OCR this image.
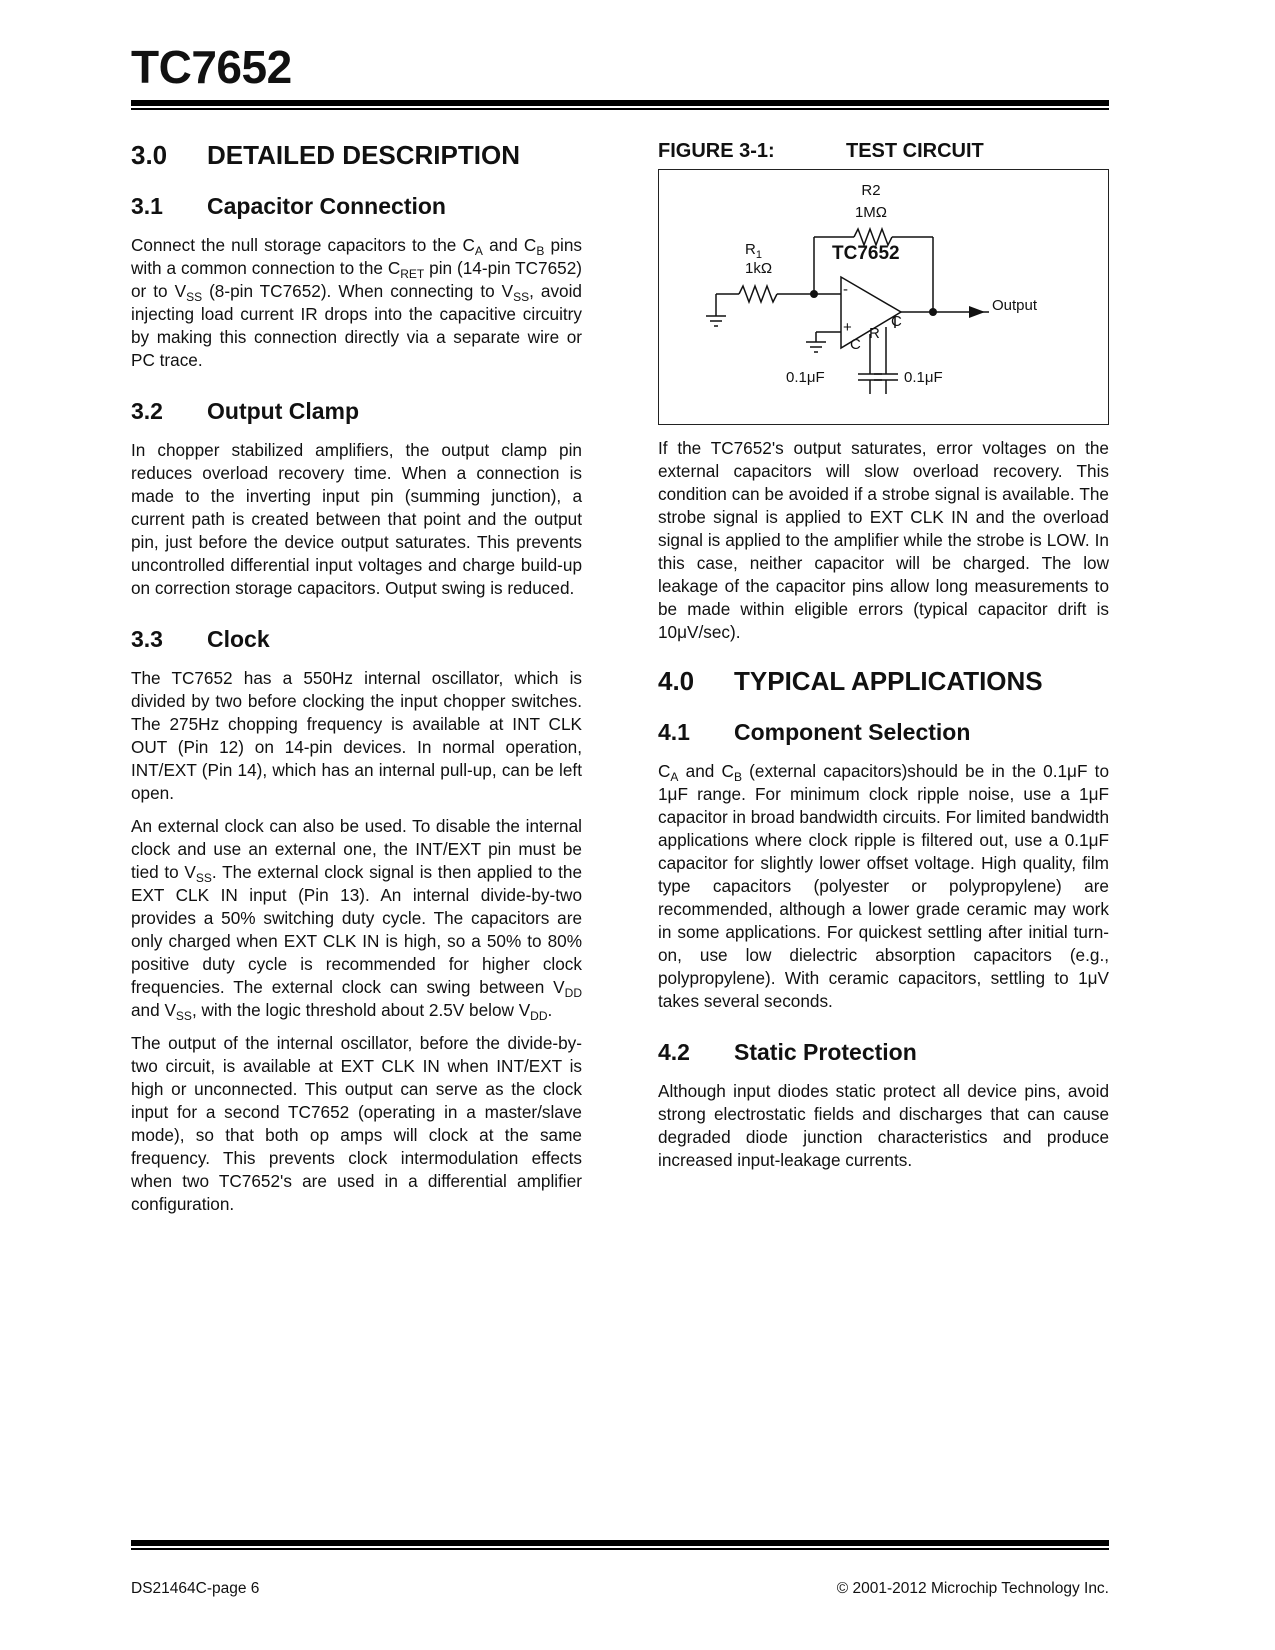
TC7652
3.0	DETAILED DESCRIPTION
3.1	Capacitor Connection

Connect the null storage capacitors to the $C_A$ and $C_B$ pins with a common connection to the $C_{RET}$ pin (14-pin TC7652) or to $V_{SS}$ (8-pin TC7652). When connecting to $V_{SS}$, avoid injecting load current IR drops into the capacitive circuitry by making this connection directly via a separate wire or PC trace.

3.2	Output Clamp

In chopper stabilized amplifiers, the output clamp pin reduces overload recovery time. When a connection is made to the inverting input pin (summing junction), a current path is created between that point and the output pin, just before the device output saturates. This prevents uncontrolled differential input voltages and charge build-up on correction storage capacitors. Output swing is reduced.

3.3	Clock

The TC7652 has a 550Hz internal oscillator, which is divided by two before clocking the input chopper switches. The 275Hz chopping frequency is available at INT CLK OUT (Pin 12) on 14-pin devices. In normal operation, INT/EXT (Pin 14), which has an internal pull-up, can be left open.

An external clock can also be used. To disable the internal clock and use an external one, the INT/EXT pin must be tied to $V_{SS}$. The external clock signal is then applied to the EXT CLK IN input (Pin 13). An internal divide-by-two provides a 50% switching duty cycle. The capacitors are only charged when EXT CLK IN is high, so a 50% to 80% positive duty cycle is recommended for higher clock frequencies. The external clock can swing between $V_{DD}$ and $V_{SS}$, with the logic threshold about 2.5V below $V_{DD}$.

The output of the internal oscillator, before the divide-by-two circuit, is available at EXT CLK IN when INT/EXT is high or unconnected. This output can serve as the clock input for a second TC7652 (operating in a master/slave mode), so that both op amps will clock at the same frequency. This prevents clock intermodulation effects when two TC7652's are used in a differential amplifier configuration.

FIGURE 3-1:	TEST CIRCUIT
R2
1MΩ
$R_1$
1kΩ
TC7652
-
+
C
R
C
0.1μF	0.1μF
Output

If the TC7652's output saturates, error voltages on the external capacitors will slow overload recovery. This condition can be avoided if a strobe signal is available. The strobe signal is applied to EXT CLK IN and the overload signal is applied to the amplifier while the strobe is LOW. In this case, neither capacitor will be charged. The low leakage of the capacitor pins allow long measurements to be made within eligible errors (typical capacitor drift is 10μV/sec).

4.0	TYPICAL APPLICATIONS
4.1	Component Selection

$C_A$ and $C_B$ (external capacitors)should be in the 0.1μF to 1μF range. For minimum clock ripple noise, use a 1μF capacitor in broad bandwidth circuits. For limited bandwidth applications where clock ripple is filtered out, use a 0.1μF capacitor for slightly lower offset voltage. High quality, film type capacitors (polyester or polypropylene) are recommended, although a lower grade ceramic may work in some applications. For quickest settling after initial turn-on, use low dielectric absorption capacitors (e.g., polypropylene). With ceramic capacitors, settling to 1μV takes several seconds.

4.2	Static Protection

Although input diodes static protect all device pins, avoid strong electrostatic fields and discharges that can cause degraded diode junction characteristics and produce increased input-leakage currents.

DS21464C-page 6	© 2001-2012 Microchip Technology Inc.
